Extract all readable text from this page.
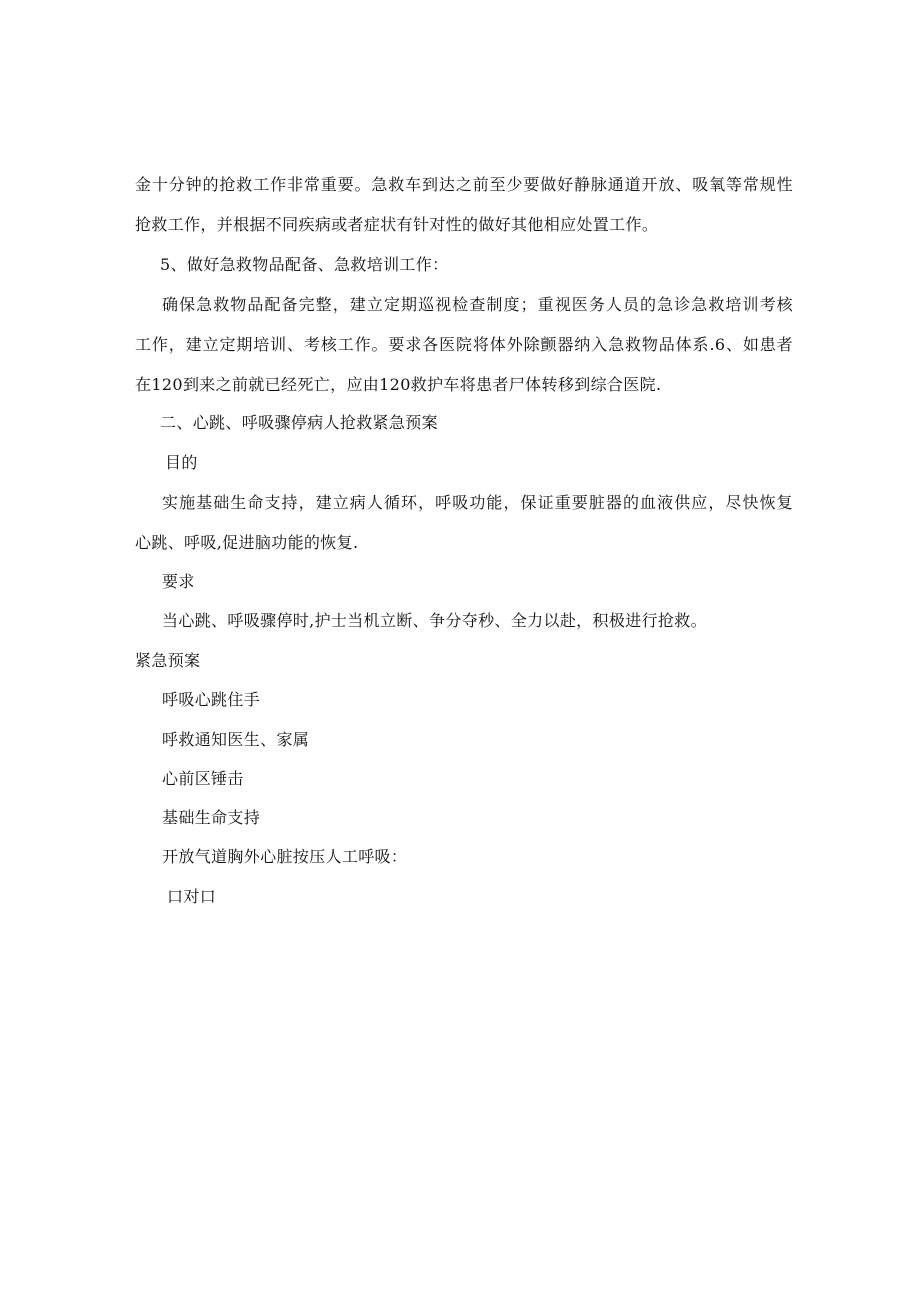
金十分钟的抢救工作非常重要。急救车到达之前至少要做好静脉通道开放、吸氧等常规性
抢救工作，并根据不同疾病或者症状有针对性的做好其他相应处置工作。
5、做好急救物品配备、急救培训工作：
确保急救物品配备完整，建立定期巡视检查制度；重视医务人员的急诊急救培训考核
工作，建立定期培训、考核工作。要求各医院将体外除颤器纳入急救物品体系.6、如患者
在120到来之前就已经死亡，应由120救护车将患者尸体转移到综合医院.
二、心跳、呼吸骤停病人抢救紧急预案
目的
实施基础生命支持，建立病人循环，呼吸功能，保证重要脏器的血液供应，尽快恢复
心跳、呼吸,促进脑功能的恢复.
要求
当心跳、呼吸骤停时,护士当机立断、争分夺秒、全力以赴，积极进行抢救。
紧急预案
呼吸心跳住手
呼救通知医生、家属
心前区锤击
基础生命支持
开放气道胸外心脏按压人工呼吸：
口对口
